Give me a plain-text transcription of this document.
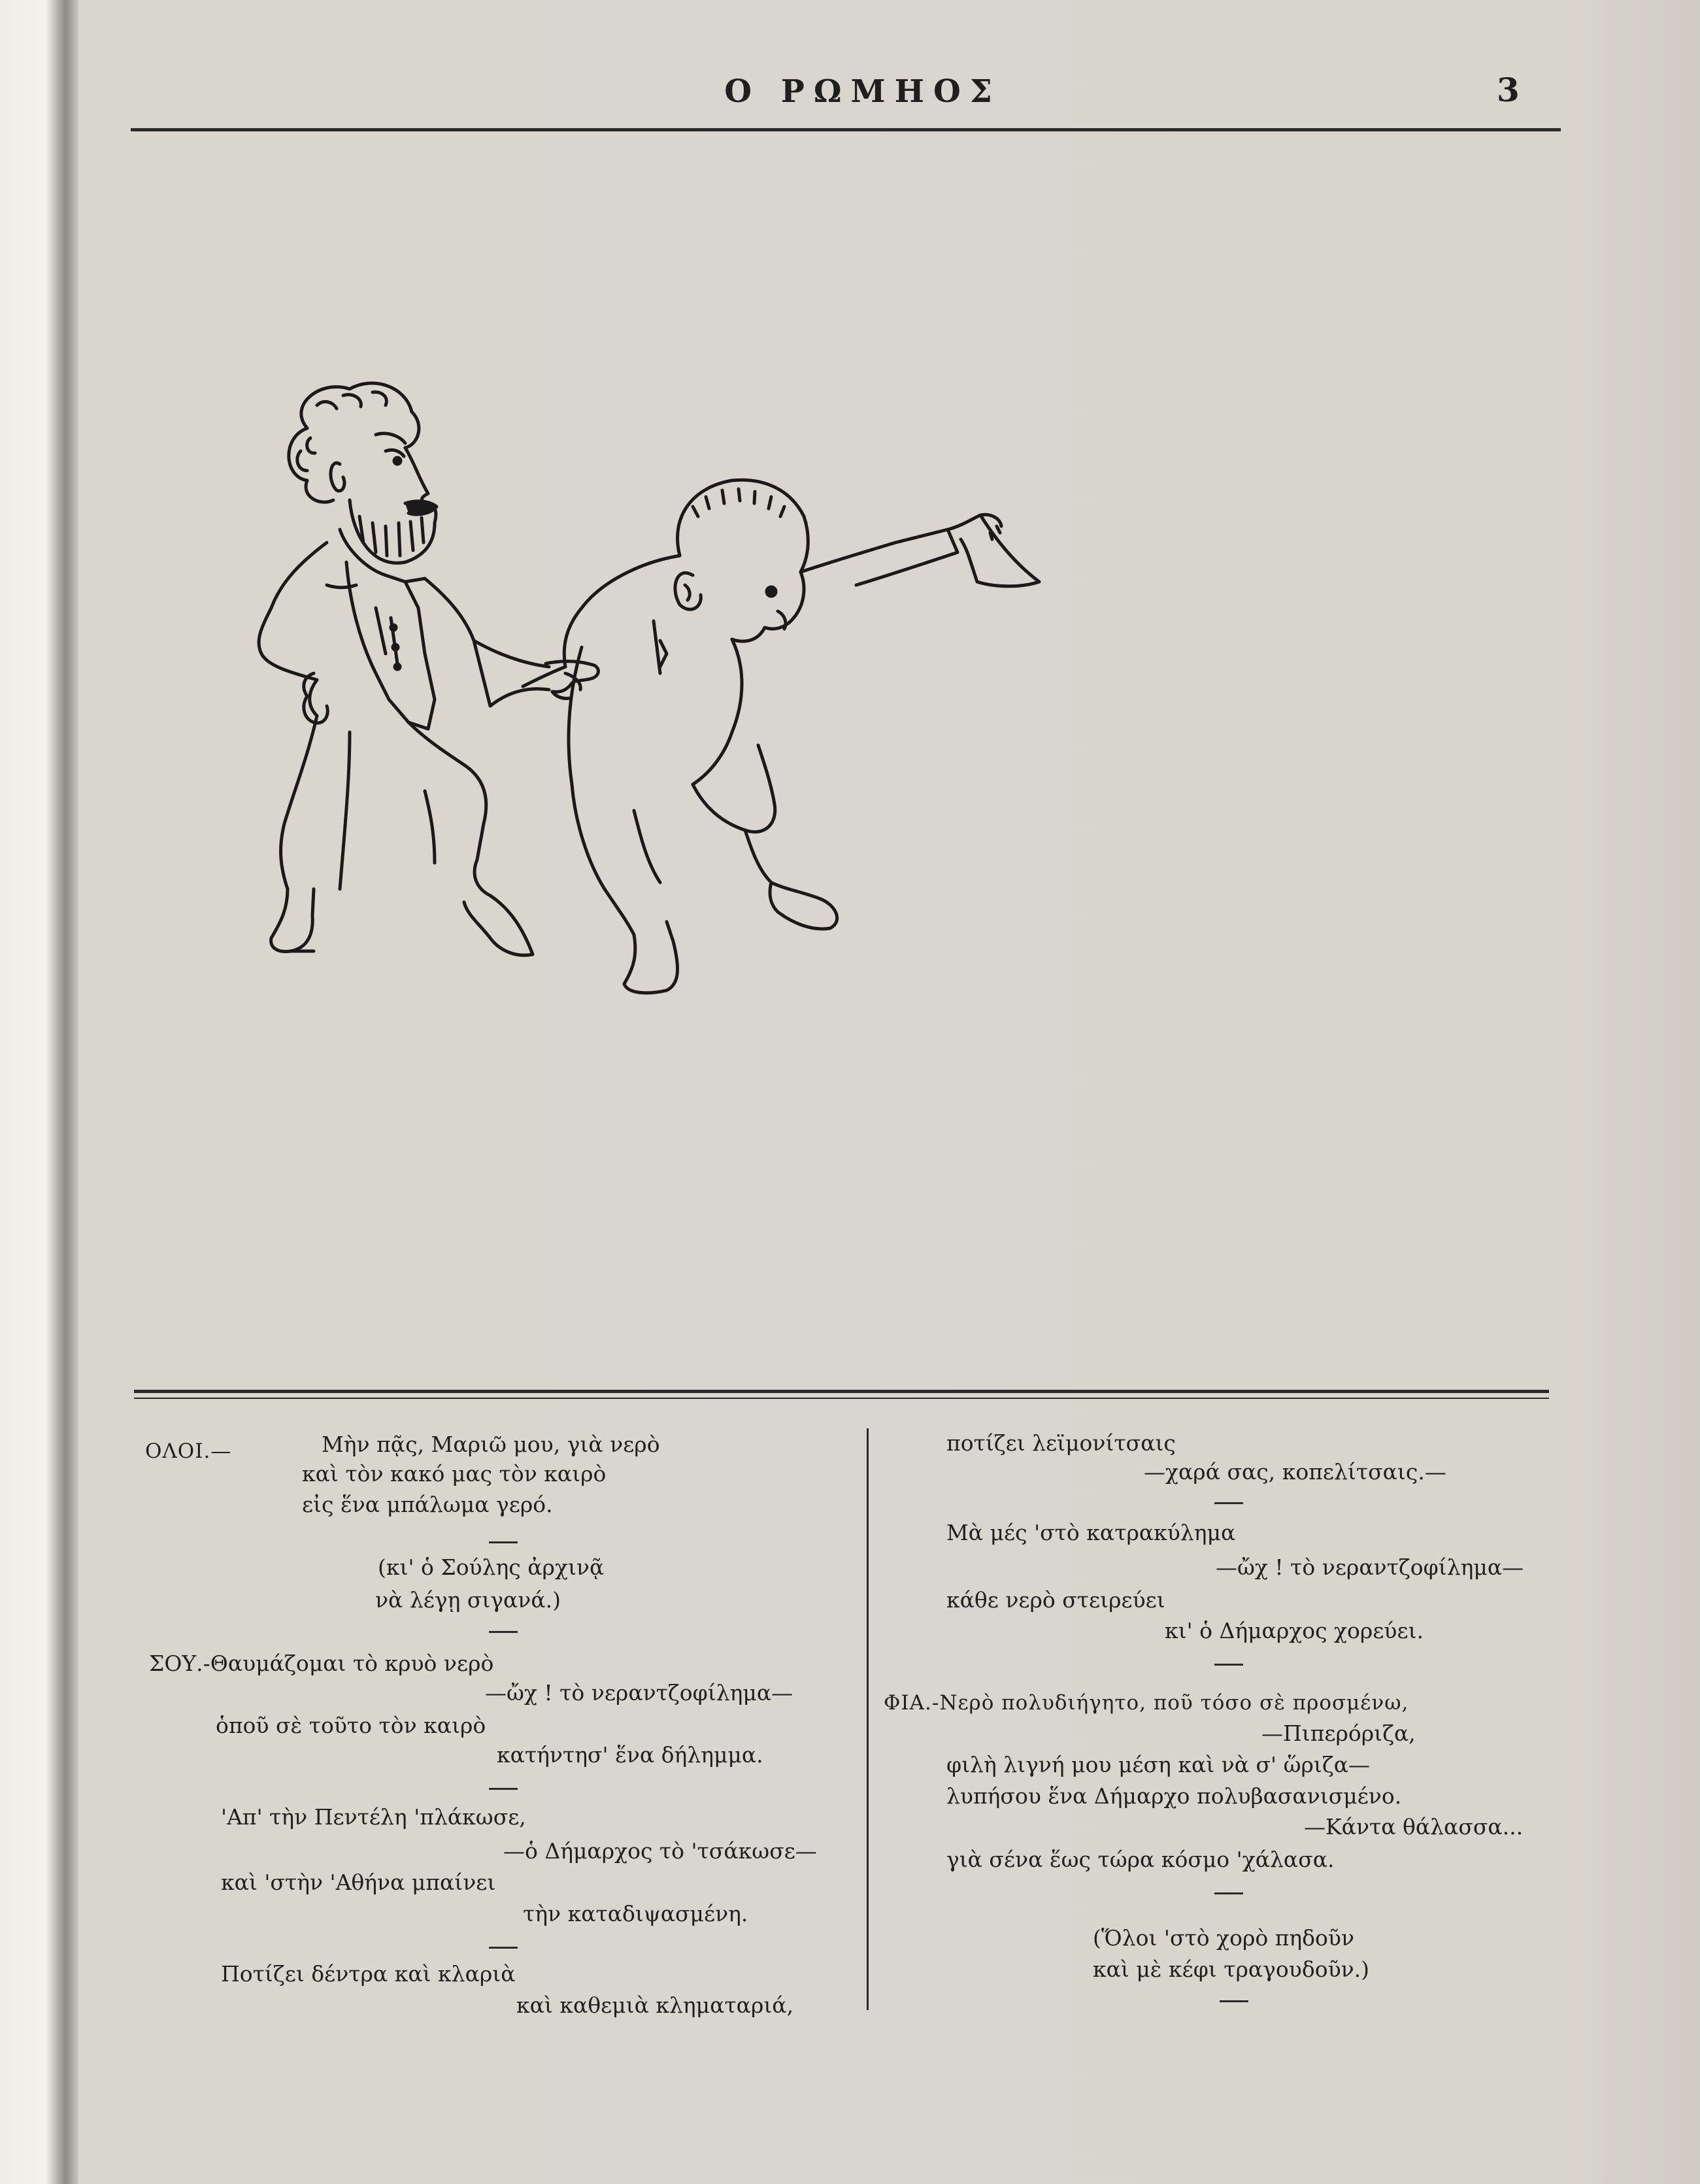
Ο ΡΩΜΗΟΣ	3
ΟΛΟΙ.—	Μὴν πᾷς, Μαριῶ μου, γιὰ νερὸ
καὶ τὸν κακό μας τὸν καιρὸ
εἰς ἕνα μπάλωμα γερό.
(κι' ὁ Σούλης ἀρχινᾷ
νὰ λέγῃ σιγανά.)
ΣΟΥ.-Θαυμάζομαι τὸ κρυὸ νερὸ
—ὤχ ! τὸ νεραντζοφίλημα—
ὁποῦ σὲ τοῦτο τὸν καιρὸ
κατήντησ' ἕνα δήλημμα.
'Απ' τὴν Πεντέλη 'πλάκωσε,
—ὁ Δήμαρχος τὸ 'τσάκωσε—
καὶ 'στὴν 'Αθήνα μπαίνει
τὴν καταδιψασμένη.
Ποτίζει δέντρα καὶ κλαριὰ
καὶ καθεμιὰ κληματαριά,
ποτίζει λεϊμονίτσαις
—χαρά σας, κοπελίτσαις.—
Μὰ μές 'στὸ κατρακύλημα
—ὤχ ! τὸ νεραντζοφίλημα—
κάθε νερὸ στειρεύει
κι' ὁ Δήμαρχος χορεύει.
ΦΙΑ.-Νερὸ πολυδιήγητο, ποῦ τόσο σὲ προσμένω,
—Πιπερόριζα,
φιλὴ λιγνή μου μέση καὶ νὰ σ' ὥριζα—
λυπήσου ἕνα Δήμαρχο πολυβασανισμένο.
—Κάντα θάλασσα...
γιὰ σένα ἕως τώρα κόσμο 'χάλασα.
(Ὅλοι 'στὸ χορὸ πηδοῦν
καὶ μὲ κέφι τραγουδοῦν.)
